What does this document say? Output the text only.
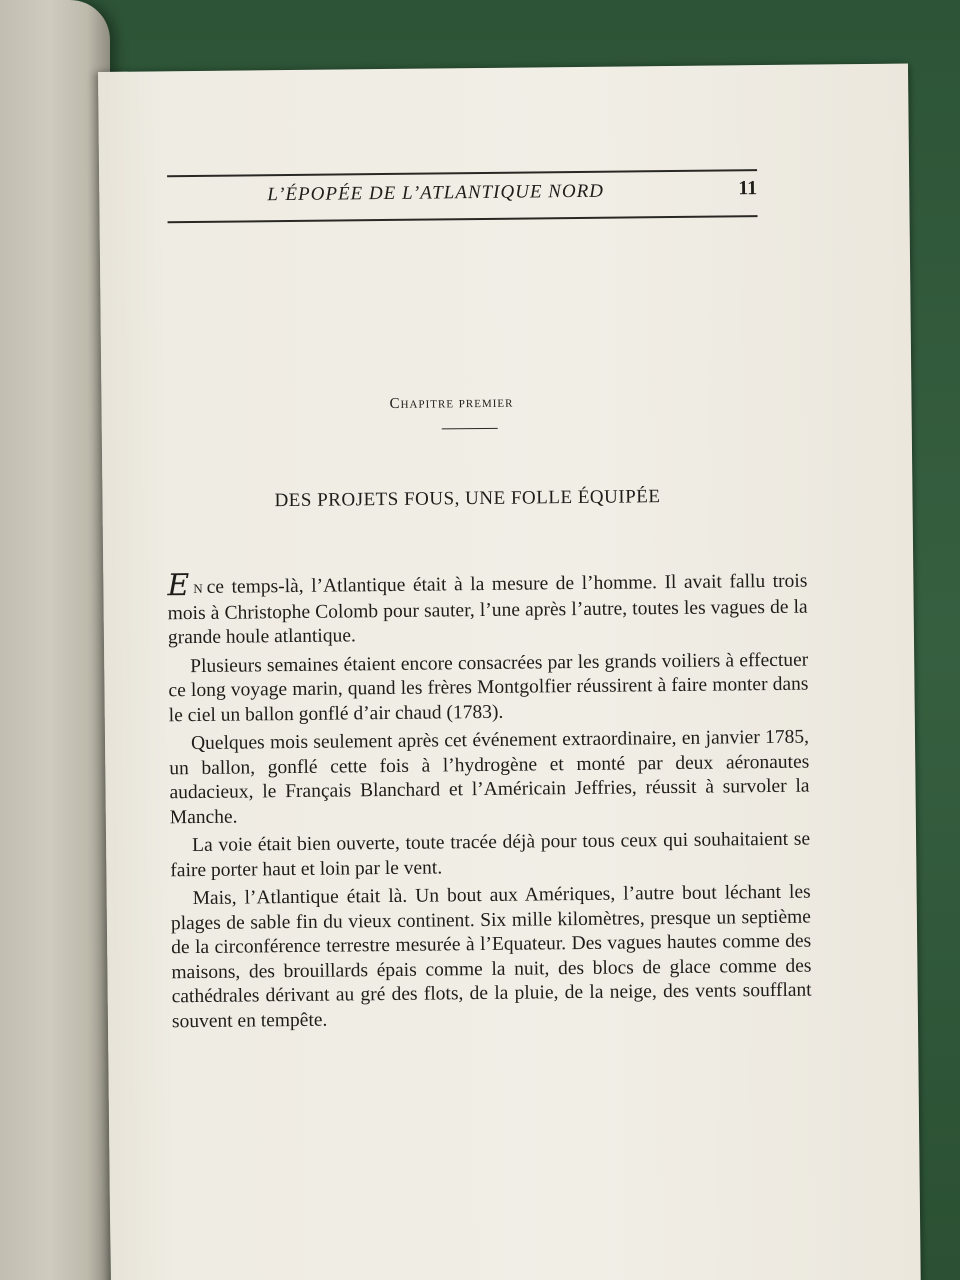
L’ÉPOPÉE DE L’ATLANTIQUE NORD	11
Chapitre premier
DES PROJETS FOUS, UNE FOLLE ÉQUIPÉE

E N ce temps-là, l’Atlantique était à la mesure de l’homme. Il avait fallu trois mois à Christophe Colomb pour sauter, l’une après l’autre, toutes les vagues de la grande houle atlantique.

Plusieurs semaines étaient encore consacrées par les grands voiliers à effectuer ce long voyage marin, quand les frères Montgolfier réussirent à faire monter dans le ciel un ballon gonflé d’air chaud (1783).

Quelques mois seulement après cet événement extraordinaire, en janvier 1785, un ballon, gonflé cette fois à l’hydrogène et monté par deux aéronautes audacieux, le Français Blanchard et l’Américain Jeffries, réussit à survoler la Manche.

La voie était bien ouverte, toute tracée déjà pour tous ceux qui souhaitaient se faire porter haut et loin par le vent.

Mais, l’Atlantique était là. Un bout aux Amériques, l’autre bout léchant les plages de sable fin du vieux continent. Six mille kilomètres, presque un septième de la circonférence terrestre mesurée à l’Equateur. Des vagues hautes comme des maisons, des brouillards épais comme la nuit, des blocs de glace comme des cathédrales dérivant au gré des flots, de la pluie, de la neige, des vents soufflant souvent en tempête.
